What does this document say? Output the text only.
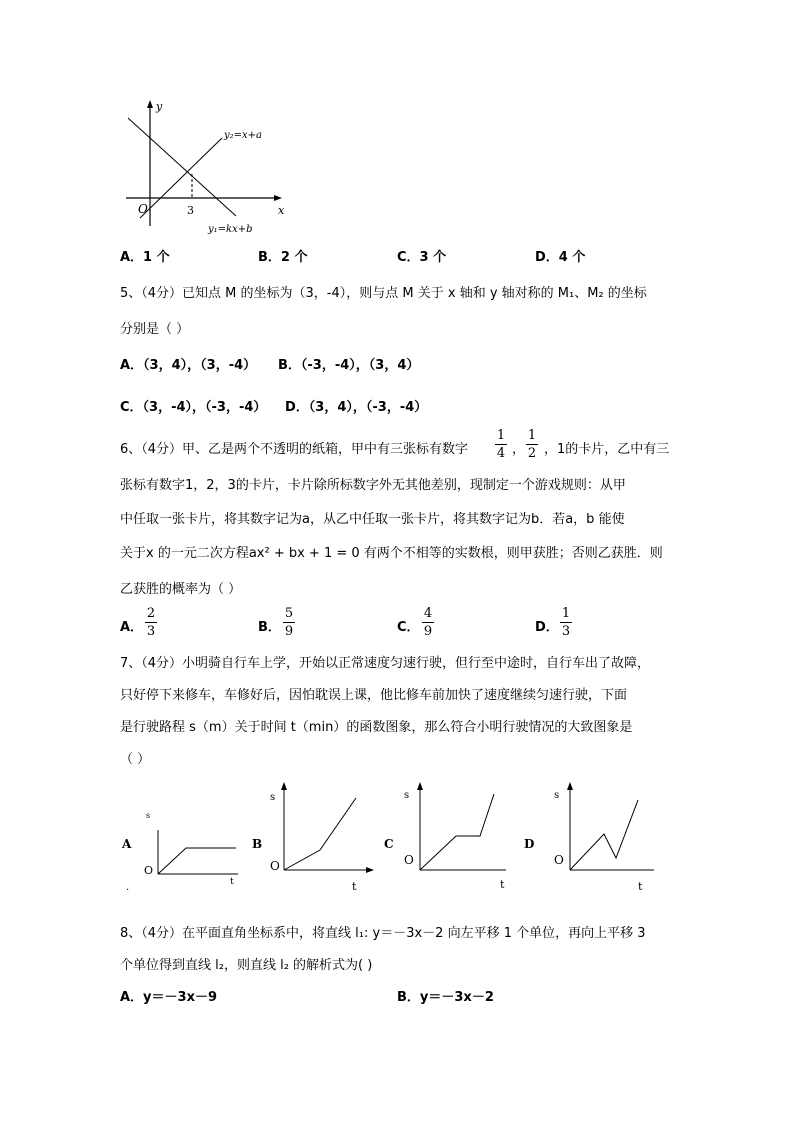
y
x
O	3
y₂=x+a
y₁=kx+b
A．1 个	B．2 个	C．3 个	D．4 个
5、（4分）已知点 M 的坐标为（3，-4），则与点 M 关于 x 轴和 y 轴对称的 M₁、M₂ 的坐标
分别是（ ）
A．（3，4），（3，-4） B．（-3，-4），（3，4）
C．（3，-4），（-3，-4） D．（3，4），（-3，-4）
6、（4分）甲、乙是两个不透明的纸箱，甲中有三张标有数字
1
4 ，
1
2 ，1的卡片，乙中有三
张标有数字1，2，3的卡片，卡片除所标数字外无其他差别，现制定一个游戏规则：从甲
中任取一张卡片，将其数字记为a，从乙中任取一张卡片，将其数字记为b．若a，b 能使
关于x 的一元二次方程ax² + bx + 1 = 0 有两个不相等的实数根，则甲获胜；否则乙获胜．则
乙获胜的概率为（ ）
A．
2
3	B．
5
9	C．
4
9	D．
1
3
7、（4分）小明骑自行车上学，开始以正常速度匀速行驶，但行至中途时，自行车出了故障，
只好停下来修车，车修好后，因怕耽误上课，他比修车前加快了速度继续匀速行驶，下面
是行驶路程 s（m）关于时间 t（min）的函数图象，那么符合小明行驶情况的大致图象是
（ ）
A
s
O
t
.
B
s
O
t
C
s
O
t
D
s
O
t
8、（4分）在平面直角坐标系中，将直线 l₁: y＝－3x－2 向左平移 1 个单位，再向上平移 3
个单位得到直线 l₂，则直线 l₂ 的解析式为( )
A．y＝－3x－9	B．y＝－3x－2
